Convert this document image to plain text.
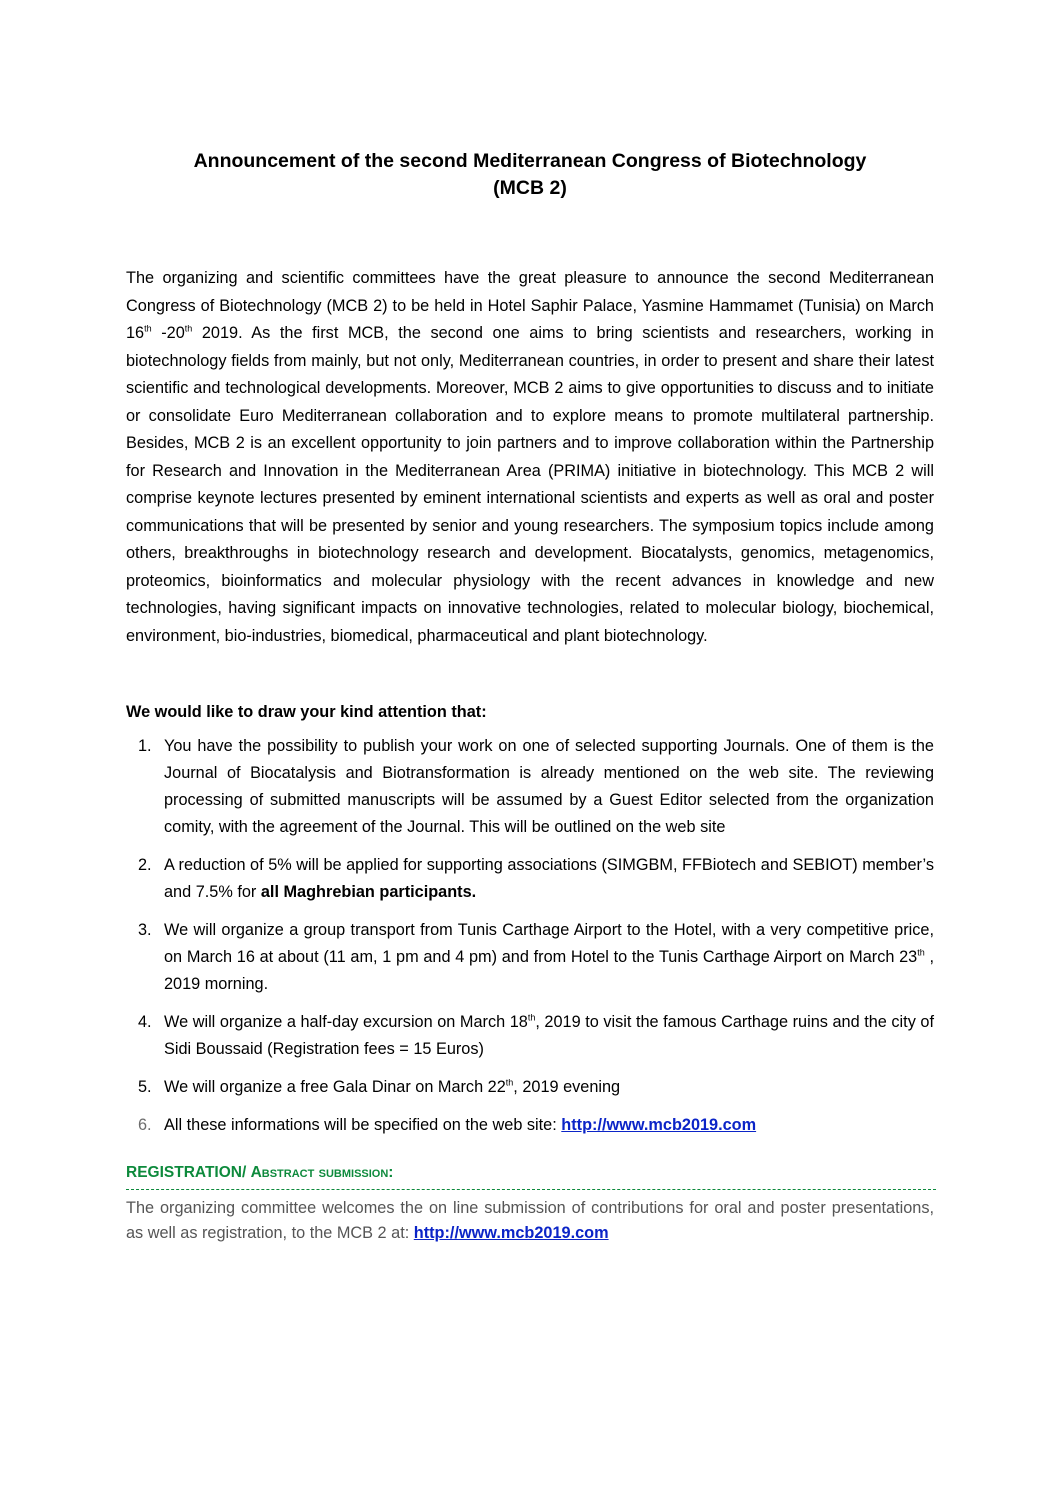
Announcement of the second Mediterranean Congress of Biotechnology
(MCB 2)

The organizing and scientific committees have the great pleasure to announce the second Mediterranean Congress of Biotechnology (MCB 2) to be held in Hotel Saphir Palace, Yasmine Hammamet (Tunisia) on March 16th -20th 2019. As the first MCB, the second one aims to bring scientists and researchers, working in biotechnology fields from mainly, but not only, Mediterranean countries, in order to present and share their latest scientific and technological developments. Moreover, MCB 2 aims to give opportunities to discuss and to initiate or consolidate Euro Mediterranean collaboration and to explore means to promote multilateral partnership. Besides, MCB 2 is an excellent opportunity to join partners and to improve collaboration within the Partnership for Research and Innovation in the Mediterranean Area (PRIMA) initiative in biotechnology. This MCB 2 will comprise keynote lectures presented by eminent international scientists and experts as well as oral and poster communications that will be presented by senior and young researchers. The symposium topics include among others, breakthroughs in biotechnology research and development. Biocatalysts, genomics, metagenomics, proteomics, bioinformatics and molecular physiology with the recent advances in knowledge and new technologies, having significant impacts on innovative technologies, related to molecular biology, biochemical, environment, bio-industries, biomedical, pharmaceutical and plant biotechnology.

We would like to draw your kind attention that:
1. You have the possibility to publish your work on one of selected supporting Journals. One of them is the Journal of Biocatalysis and Biotransformation is already mentioned on the web site. The reviewing processing of submitted manuscripts will be assumed by a Guest Editor selected from the organization comity, with the agreement of the Journal. This will be outlined on the web site
2. A reduction of 5% will be applied for supporting associations (SIMGBM, FFBiotech and SEBIOT) member’s and 7.5% for all Maghrebian participants.
3. We will organize a group transport from Tunis Carthage Airport to the Hotel, with a very competitive price, on March 16 at about (11 am, 1 pm and 4 pm) and from Hotel to the Tunis Carthage Airport on March 23th , 2019 morning.
4. We will organize a half-day excursion on March 18th, 2019 to visit the famous Carthage ruins and the city of Sidi Boussaid (Registration fees = 15 Euros)
5. We will organize a free Gala Dinar on March 22th, 2019 evening
6. All these informations will be specified on the web site: http://www.mcb2019.com
REGISTRATION/ Abstract submission:
The organizing committee welcomes the on line submission of contributions for oral and poster presentations, as well as registration, to the MCB 2 at: http://www.mcb2019.com
